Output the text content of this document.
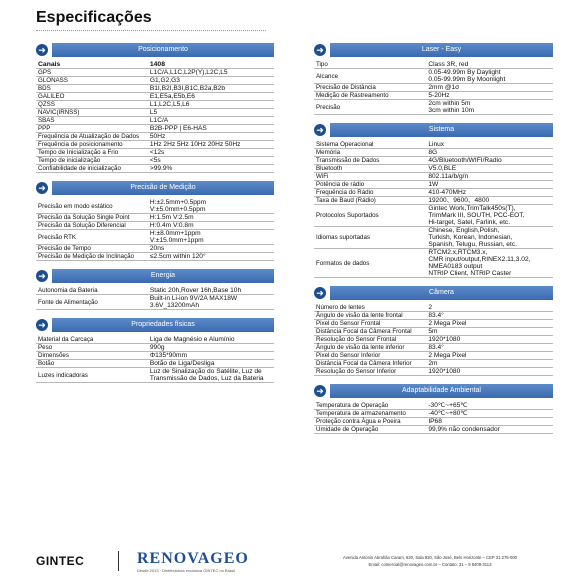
Especificações
➜	Posicionamento
Canais	1408
GPS	L1C/A,L1C,L2P(Y),L2C,L5
GLONASS	G1,G2,G3
BDS	B1I,B2I,B3I,B1C,B2a,B2b
GALILEO	E1,E5a,E5b,E6
QZSS	L1,L2C,L5,L6
NAVIC(IRNSS)	L5
SBAS	L1C/A
PPP	B2B-PPP | E6-HAS
Frequência de Atualização de Dados	50Hz
Frequência de posicionamento	1Hz 2Hz 5Hz 10Hz 20Hz 50Hz
Tempo de Inicialização a Frio	<12s
Tempo de inicialização	<5s
Confiabilidade de inicialização	>99.9%
➜	Precisão de Medição
Precisão em modo estático	H:±2.5mm+0.5ppm
V:±5.0mm+0.5ppm
Precisão da Solução Single Point	H:1.5m V:2.5m
Precisão da Solução Diferencial	H:0.4m V:0.8m
Precisão RTK	H:±8.0mm+1ppm
V:±15.0mm+1ppm
Precisão de Tempo	20ns
Precisão de Medição de Inclinação	≤2.5cm within 120°
➜	Energia
Autonomia da Bateria	Static 20h,Rover 16h,Base 10h
Fonte de Alimentação	Built-in Li-ion 9V/2A MAX18W
3.6V_13200mAh
➜	Propriedades físicas
Material da Carcaça	Liga de Magnésio e Alumínio
Peso	990g
Dimensões	Φ135*90mm
Botão	Botão de Liga/Desliga
Luzes indicadoras	Luz de Sinalização do Satélite, Luz de
Transmissão de Dados, Luz da Bateria
➜	Laser - Easy
Tipo	Class 3R, red
Alcance	0.05-49.99m By Daylight
0.05-99.99m By Moonlight
Precisão de Distância	2mm @1σ
Medição de Rastreamento	5-20Hz
Precisão	2cm within 5m
3cm within 10m
➜	Sistema
Sistema Operacional	Linux
Memória	8G
Transmissão de Dados	4G/Bluetooth/WIFI/Radio
Bluetooth	V5.0,BLE
WiFi	802.11a/b/g/n
Potência de rádio	1W
Frequência do Rádio	410-470MHz
Taxa de Baud (Rádio)	19200、9600、4800
Protocolos Suportados	Gintec Work,TrimTalk450s(T),
TrimMark III, SOUTH, PCC-EOT,
Hi-target, Satel, Farlink, etc.
Idiomas suportadas	Chinese, English,Polish,
Turkish, Korean, Indonesian,
Spanish, Telugu, Russian, etc.
Formatos de dados	RTCM2.x,RTCM3.x,
CMR input/output,RINEX2.11,3.02,
NMEA0183 output
NTRIP Client, NTRIP Caster
➜	Câmera
Número de lentes	2
Ângulo de visão da lente frontal	83.4°
Pixel do Sensor Frontal	2 Mega Pixel
Distância Focal da Câmera Frontal	5m
Resolução do Sensor Frontal	1920*1080
Ângulo de visão da lente inferior	83.4°
Pixel do Sensor Inferior	2 Mega Pixel
Distância Focal da Câmera Inferior	2m
Resolução do Sensor Inferior	1920*1080
➜	Adaptabilidade Ambiental
Temperatura de Operação	-30℃~+65℃
Temperatura de armazenamento	-40℃~+80℃
Proteção contra Água e Poeira	IP68
Umidade de Operação	99,9% não condensador
GINTEC	RENOVAGEO
Desde 2013 · Distribuidora exclusiva GINTEC no Brasil
Avenida Antonio Abrahão Caram, 820, Sala 820, São José, Belo Horizonte – CEP 31 275-000
Email: comercial@renovageo.com.br – Contato: 31 – 9 8409-3113
